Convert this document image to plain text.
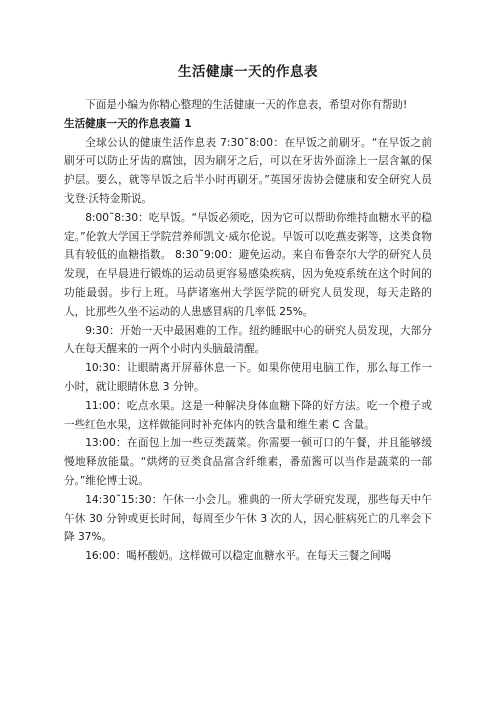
生活健康一天的作息表

下面是小编为你精心整理的生活健康一天的作息表，希望对你有帮助!

生活健康一天的作息表篇 1

全球公认的健康生活作息表 7:30˜8:00：在早饭之前刷牙。“在早饭之前刷牙可以防止牙齿的腐蚀，因为刷牙之后，可以在牙齿外面涂上一层含氟的保护层。要么，就等早饭之后半小时再刷牙。”英国牙齿协会健康和安全研究人员戈登·沃特金斯说。

8:00˜8:30：吃早饭。“早饭必须吃，因为它可以帮助你维持血糖水平的稳定。”伦敦大学国王学院营养师凯文·威尔伦说。早饭可以吃燕麦粥等，这类食物具有较低的血糖指数。 8:30˜9:00：避免运动。来自布鲁奈尔大学的研究人员发现，在早晨进行锻炼的运动员更容易感染疾病，因为免疫系统在这个时间的功能最弱。步行上班。马萨诸塞州大学医学院的研究人员发现，每天走路的人，比那些久坐不运动的人患感冒病的几率低 25%。

9:30：开始一天中最困难的工作。纽约睡眠中心的研究人员发现，大部分人在每天醒来的一两个小时内头脑最清醒。

10:30：让眼睛离开屏幕休息一下。如果你使用电脑工作，那么每工作一小时，就让眼睛休息 3 分钟。

11:00：吃点水果。这是一种解决身体血糖下降的好方法。吃一个橙子或一些红色水果，这样做能同时补充体内的铁含量和维生素 C 含量。

13:00：在面包上加一些豆类蔬菜。你需要一顿可口的午餐，并且能够缓慢地释放能量。“烘烤的豆类食品富含纤维素，番茄酱可以当作是蔬菜的一部分。”维伦博士说。

14:30˜15:30：午休一小会儿。雅典的一所大学研究发现，那些每天中午午休 30 分钟或更长时间，每周至少午休 3 次的人，因心脏病死亡的几率会下降 37%。

16:00：喝杯酸奶。这样做可以稳定血糖水平。在每天三餐之间喝
